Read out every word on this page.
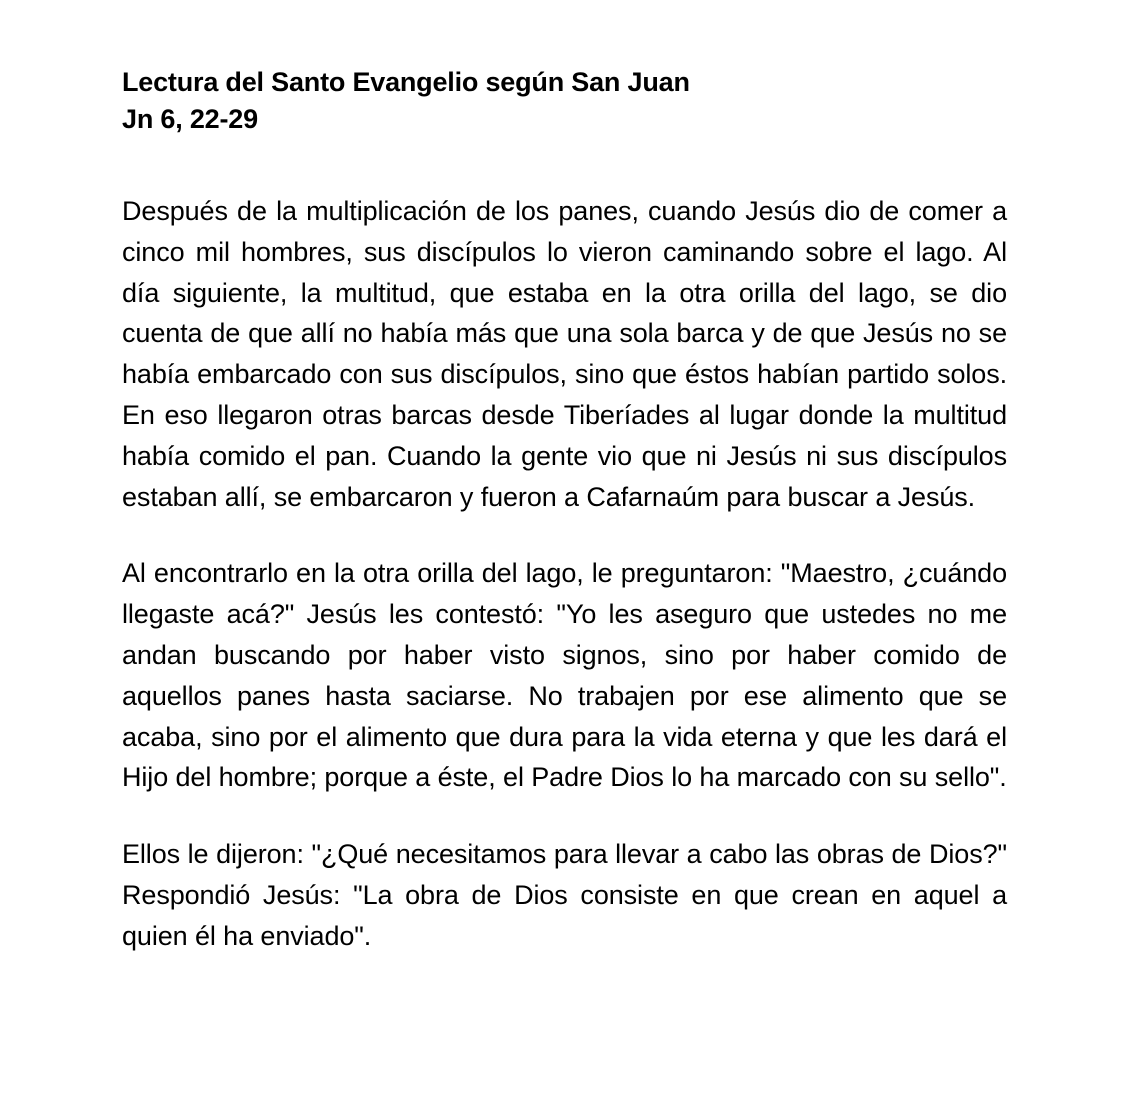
Lectura del Santo Evangelio según San Juan
Jn 6, 22-29

Después de la multiplicación de los panes, cuando Jesús dio de comer a cinco mil hombres, sus discípulos lo vieron caminando sobre el lago. Al día siguiente, la multitud, que estaba en la otra orilla del lago, se dio cuenta de que allí no había más que una sola barca y de que Jesús no se había embarcado con sus discípulos, sino que éstos habían partido solos. En eso llegaron otras barcas desde Tiberíades al lugar donde la multitud había comido el pan. Cuando la gente vio que ni Jesús ni sus discípulos estaban allí, se embarcaron y fueron a Cafarnaúm para buscar a Jesús.

Al encontrarlo en la otra orilla del lago, le preguntaron: "Maestro, ¿cuándo llegaste acá?" Jesús les contestó: "Yo les aseguro que ustedes no me andan buscando por haber visto signos, sino por haber comido de aquellos panes hasta saciarse. No trabajen por ese alimento que se acaba, sino por el alimento que dura para la vida eterna y que les dará el Hijo del hombre; porque a éste, el Padre Dios lo ha marcado con su sello".

Ellos le dijeron: "¿Qué necesitamos para llevar a cabo las obras de Dios?" Respondió Jesús: "La obra de Dios consiste en que crean en aquel a quien él ha enviado".
